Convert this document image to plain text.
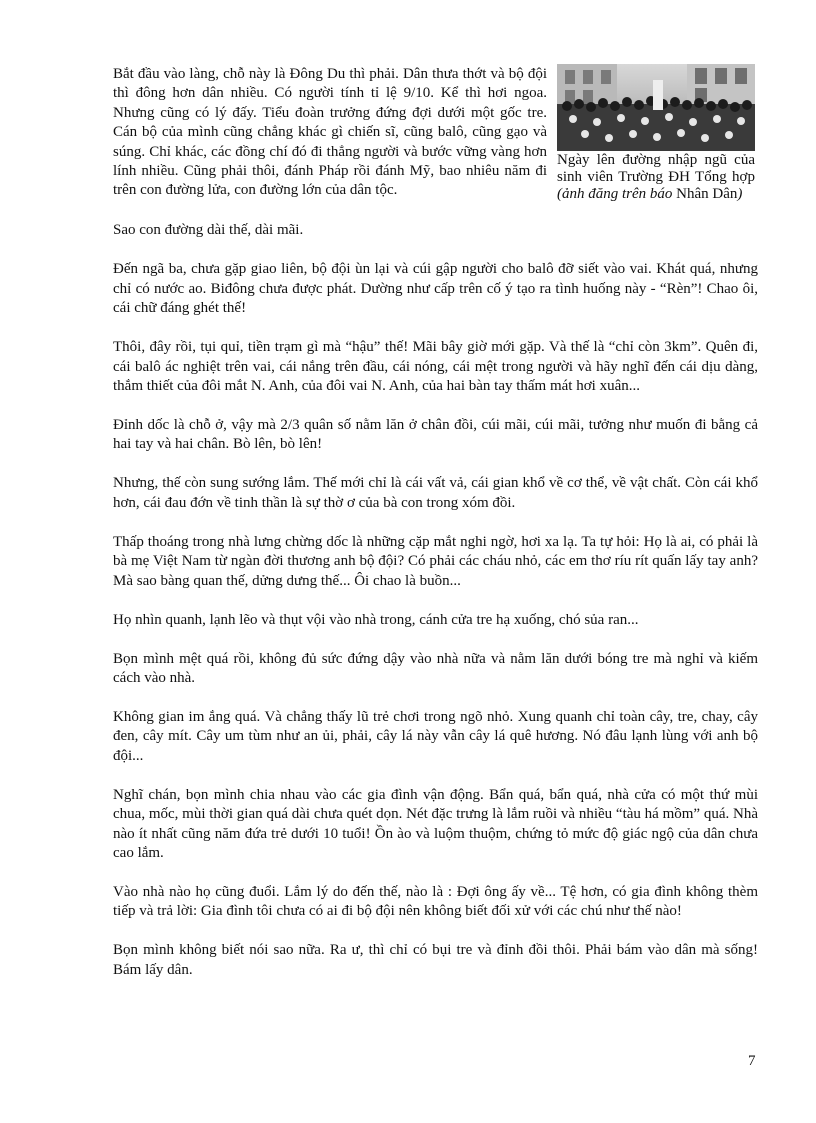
Bắt đầu vào làng, chỗ này là Đông Du thì phải. Dân thưa thớt và bộ đội thì đông hơn dân nhiều. Có người tính tỉ lệ 9/10. Kể thì hơi ngoa. Nhưng cũng có lý đấy. Tiểu đoàn trưởng đứng đợi dưới một gốc tre. Cán bộ của mình cũng chẳng khác gì chiến sĩ, cũng balô, cũng gạo và súng. Chỉ khác, các đồng chí đó đi thẳng người và bước vững vàng hơn lính nhiều. Cũng phải thôi, đánh Pháp rồi đánh Mỹ, bao nhiêu năm đi trên con đường lửa, con đường lớn của dân tộc.

Ngày lên đường nhập ngũ của sinh viên Trường ĐH Tổng hợp (ảnh đăng trên báo Nhân Dân)

Sao con đường dài thế, dài mãi.

Đến ngã ba, chưa gặp giao liên, bộ đội ùn lại và cúi gập người cho balô đỡ siết vào vai. Khát quá, nhưng chỉ có nước ao. Biđông chưa được phát. Dường như cấp trên cố ý tạo ra tình huống này - “Rèn”! Chao ôi, cái chữ đáng ghét thế!

Thôi, đây rồi, tụi quỉ, tiền trạm gì mà “hậu” thế! Mãi bây giờ mới gặp. Và thế là “chỉ còn 3km”. Quên đi, cái balô ác nghiệt trên vai, cái nắng trên đầu, cái nóng, cái mệt trong người và hãy nghĩ đến cái dịu dàng, thắm thiết của đôi mắt N. Anh, của đôi vai N. Anh, của hai bàn tay thấm mát hơi xuân...

Đỉnh dốc là chỗ ở, vậy mà 2/3 quân số nằm lăn ở chân đồi, cúi mãi, cúi mãi, tưởng như muốn đi bằng cả hai tay và hai chân. Bò lên, bò lên!

Nhưng, thế còn sung sướng lắm. Thế mới chỉ là cái vất vả, cái gian khổ về cơ thể, về vật chất. Còn cái khổ hơn, cái đau đớn về tinh thần là sự thờ ơ của bà con trong xóm đồi.

Thấp thoáng trong nhà lưng chừng dốc là những cặp mắt nghi ngờ, hơi xa lạ. Ta tự hỏi: Họ là ai, có phải là bà mẹ Việt Nam từ ngàn đời thương anh bộ đội? Có phải các cháu nhỏ, các em thơ ríu rít quấn lấy tay anh? Mà sao bàng quan thế, dửng dưng thế... Ôi chao là buồn...

Họ nhìn quanh, lạnh lẽo và thụt vội vào nhà trong, cánh cửa tre hạ xuống, chó sủa ran...

Bọn mình mệt quá rồi, không đủ sức đứng dậy vào nhà nữa và nằm lăn dưới bóng tre mà nghỉ và kiếm cách vào nhà.

Không gian im ắng quá. Và chẳng thấy lũ trẻ chơi trong ngõ nhỏ. Xung quanh chỉ toàn cây, tre, chay, cây đen, cây mít. Cây um tùm như an ủi, phải, cây lá này vẫn cây lá quê hương. Nó đâu lạnh lùng với anh bộ đội...

Nghĩ chán, bọn mình chia nhau vào các gia đình vận động. Bẩn quá, bẩn quá, nhà cửa có một thứ mùi chua, mốc, mùi thời gian quá dài chưa quét dọn. Nét đặc trưng là lắm ruồi và nhiều “tàu há mồm” quá. Nhà nào ít nhất cũng năm đứa trẻ dưới 10 tuổi! Ồn ào và luộm thuộm, chứng tỏ mức độ giác ngộ của dân chưa cao lắm.

Vào nhà nào họ cũng đuổi. Lắm lý do đến thế, nào là : Đợi ông ấy về... Tệ hơn, có gia đình không thèm tiếp và trả lời: Gia đình tôi chưa có ai đi bộ đội nên không biết đối xử với các chú như thế nào!

Bọn mình không biết nói sao nữa. Ra ư, thì chỉ có bụi tre và đỉnh đồi thôi. Phải bám vào dân mà sống! Bám lấy dân.

7
